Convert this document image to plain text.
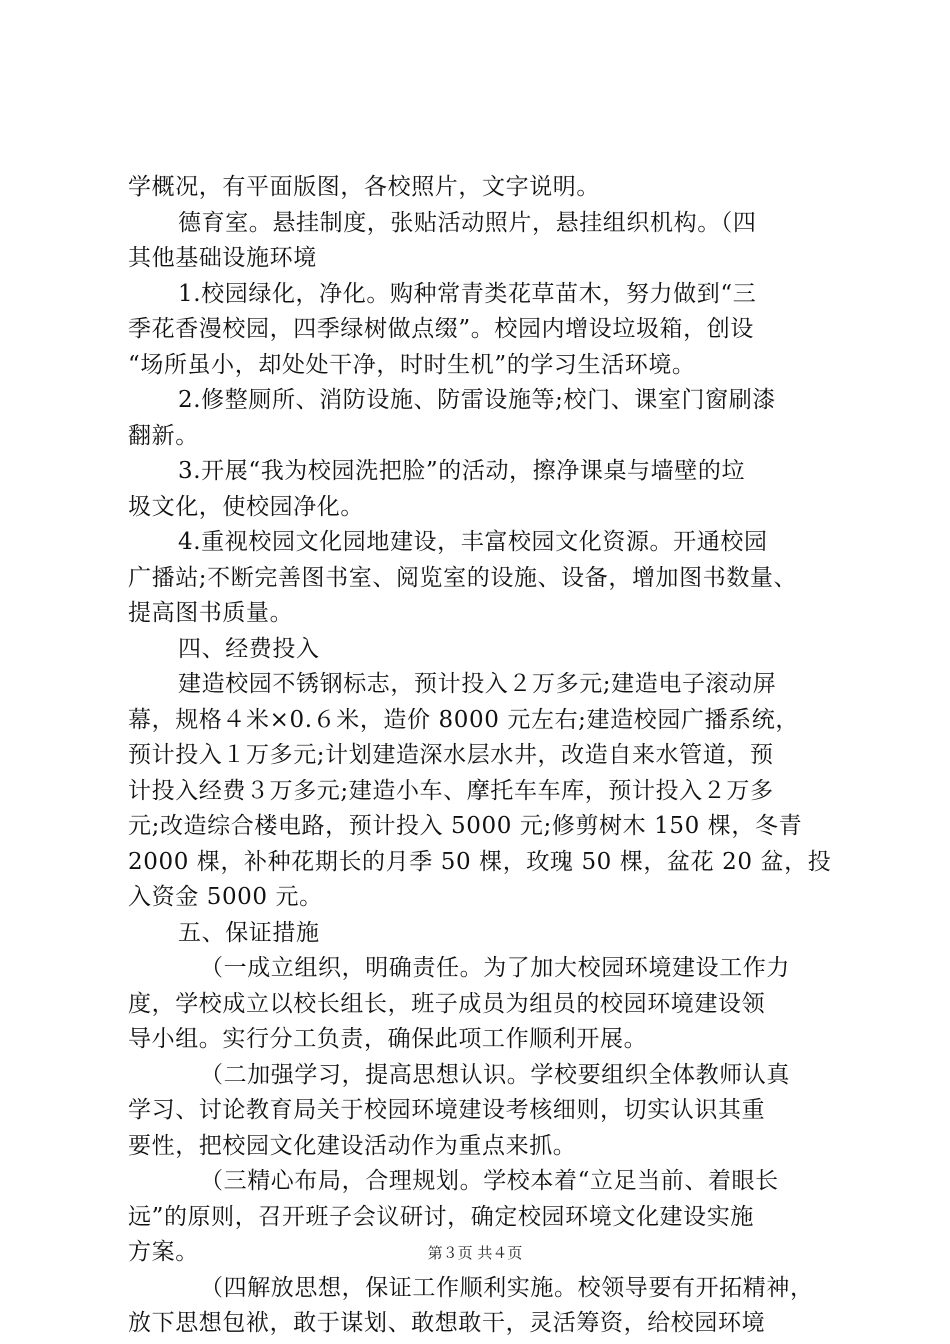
学概况，有平面版图，各校照片，文字说明。
德育室。悬挂制度，张贴活动照片，悬挂组织机构。（四
其他基础设施环境
1.校园绿化，净化。购种常青类花草苗木，努力做到“三
季花香漫校园，四季绿树做点缀”。校园内增设垃圾箱，创设
“场所虽小，却处处干净，时时生机”的学习生活环境。
2.修整厕所、消防设施、防雷设施等;校门、课室门窗刷漆
翻新。
3.开展“我为校园洗把脸”的活动，擦净课桌与墙壁的垃
圾文化，使校园净化。
4.重视校园文化园地建设，丰富校园文化资源。开通校园
广播站;不断完善图书室、阅览室的设施、设备，增加图书数量、
提高图书质量。
四、经费投入
建造校园不锈钢标志，预计投入２万多元;建造电子滚动屏
幕，规格４米×0.６米，造价 8000 元左右;建造校园广播系统，
预计投入１万多元;计划建造深水层水井，改造自来水管道，预
计投入经费３万多元;建造小车、摩托车车库，预计投入２万多
元;改造综合楼电路，预计投入 5000 元;修剪树木 150 棵，冬青
2000 棵，补种花期长的月季 50 棵，玫瑰 50 棵，盆花 20 盆，投
入资金 5000 元。
五、保证措施
（一成立组织，明确责任。为了加大校园环境建设工作力
度，学校成立以校长组长，班子成员为组员的校园环境建设领
导小组。实行分工负责，确保此项工作顺利开展。
（二加强学习，提高思想认识。学校要组织全体教师认真
学习、讨论教育局关于校园环境建设考核细则，切实认识其重
要性，把校园文化建设活动作为重点来抓。
（三精心布局，合理规划。学校本着“立足当前、着眼长
远”的原则，召开班子会议研讨，确定校园环境文化建设实施
方案。
（四解放思想，保证工作顺利实施。校领导要有开拓精神，
放下思想包袱，敢于谋划、敢想敢干，灵活筹资，给校园环境
第３页 共４页
